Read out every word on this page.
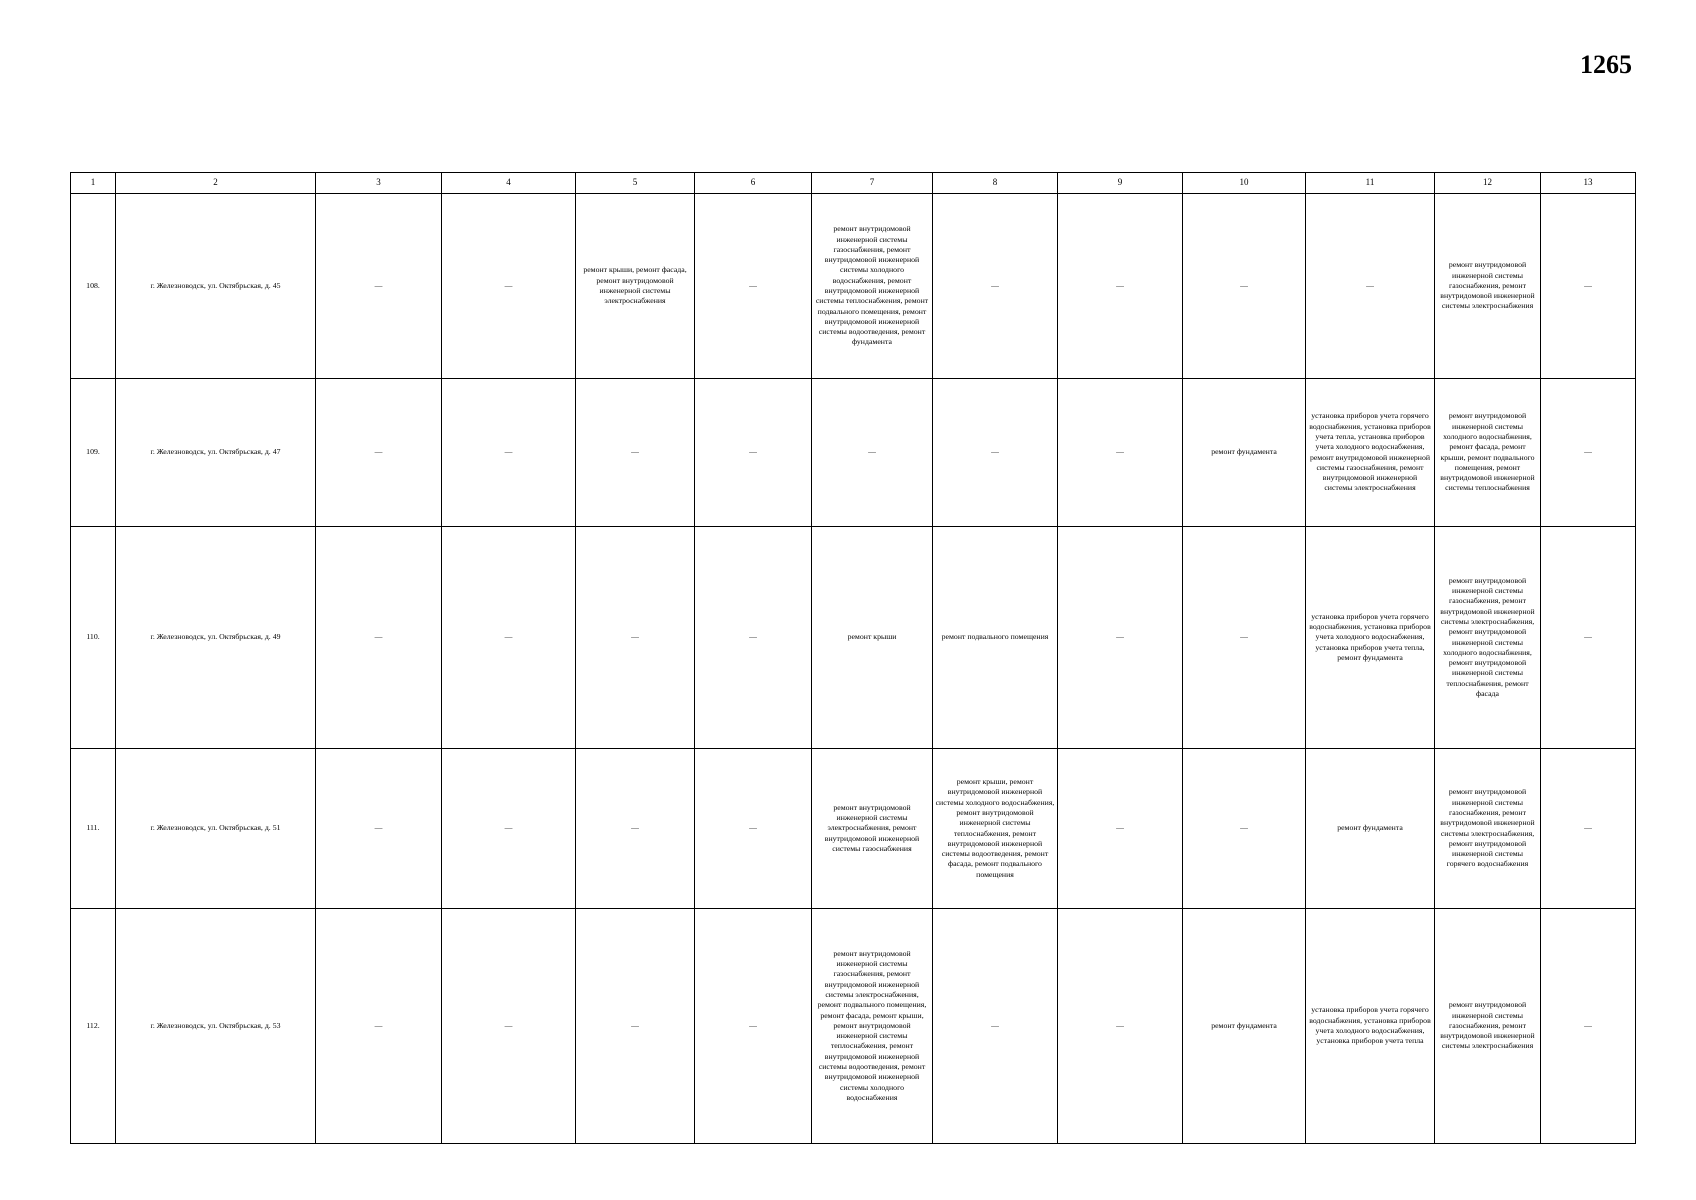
1265
1	2	3	4	5	6	7	8	9	10	11	12	13
108.	г. Железноводск, ул. Октябрьская, д. 45	—	—	ремонт крыши, ремонт фасада, ремонт внутридомовой инженерной системы электроснабжения	—	ремонт внутридомовой инженерной системы газоснабжения, ремонт внутридомовой инженерной системы холодного водоснабжения, ремонт внутридомовой инженерной системы теплоснабжения, ремонт подвального помещения, ремонт внутридомовой инженерной системы водоотведения, ремонт фундамента	—	—	—	—	ремонт внутридомовой инженерной системы газоснабжения, ремонт внутридомовой инженерной системы электроснабжения	—
109.	г. Железноводск, ул. Октябрьская, д. 47	—	—	—	—	—	—	—	ремонт фундамента	установка приборов учета горячего водоснабжения, установка приборов учета тепла, установка приборов учета холодного водоснабжения, ремонт внутридомовой инженерной системы газоснабжения, ремонт внутридомовой инженерной системы электроснабжения	ремонт внутридомовой инженерной системы холодного водоснабжения, ремонт фасада, ремонт крыши, ремонт подвального помещения, ремонт внутридомовой инженерной системы теплоснабжения	—
110.	г. Железноводск, ул. Октябрьская, д. 49	—	—	—	—	ремонт крыши	ремонт подвального помещения	—	—	установка приборов учета горячего водоснабжения, установка приборов учета холодного водоснабжения, установка приборов учета тепла, ремонт фундамента	ремонт внутридомовой инженерной системы газоснабжения, ремонт внутридомовой инженерной системы электроснабжения, ремонт внутридомовой инженерной системы холодного водоснабжения, ремонт внутридомовой инженерной системы теплоснабжения, ремонт фасада	—
111.	г. Железноводск, ул. Октябрьская, д. 51	—	—	—	—	ремонт внутридомовой инженерной системы электроснабжения, ремонт внутридомовой инженерной системы газоснабжения	ремонт крыши, ремонт внутридомовой инженерной системы холодного водоснабжения, ремонт внутридомовой инженерной системы теплоснабжения, ремонт внутридомовой инженерной системы водоотведения, ремонт фасада, ремонт подвального помещения	—	—	ремонт фундамента	ремонт внутридомовой инженерной системы газоснабжения, ремонт внутридомовой инженерной системы электроснабжения, ремонт внутридомовой инженерной системы горячего водоснабжения	—
112.	г. Железноводск, ул. Октябрьская, д. 53	—	—	—	—	ремонт внутридомовой инженерной системы газоснабжения, ремонт внутридомовой инженерной системы электроснабжения, ремонт подвального помещения, ремонт фасада, ремонт крыши, ремонт внутридомовой инженерной системы теплоснабжения, ремонт внутридомовой инженерной системы водоотведения, ремонт внутридомовой инженерной системы холодного водоснабжения	—	—	ремонт фундамента	установка приборов учета горячего водоснабжения, установка приборов учета холодного водоснабжения, установка приборов учета тепла	ремонт внутридомовой инженерной системы газоснабжения, ремонт внутридомовой инженерной системы электроснабжения	—
